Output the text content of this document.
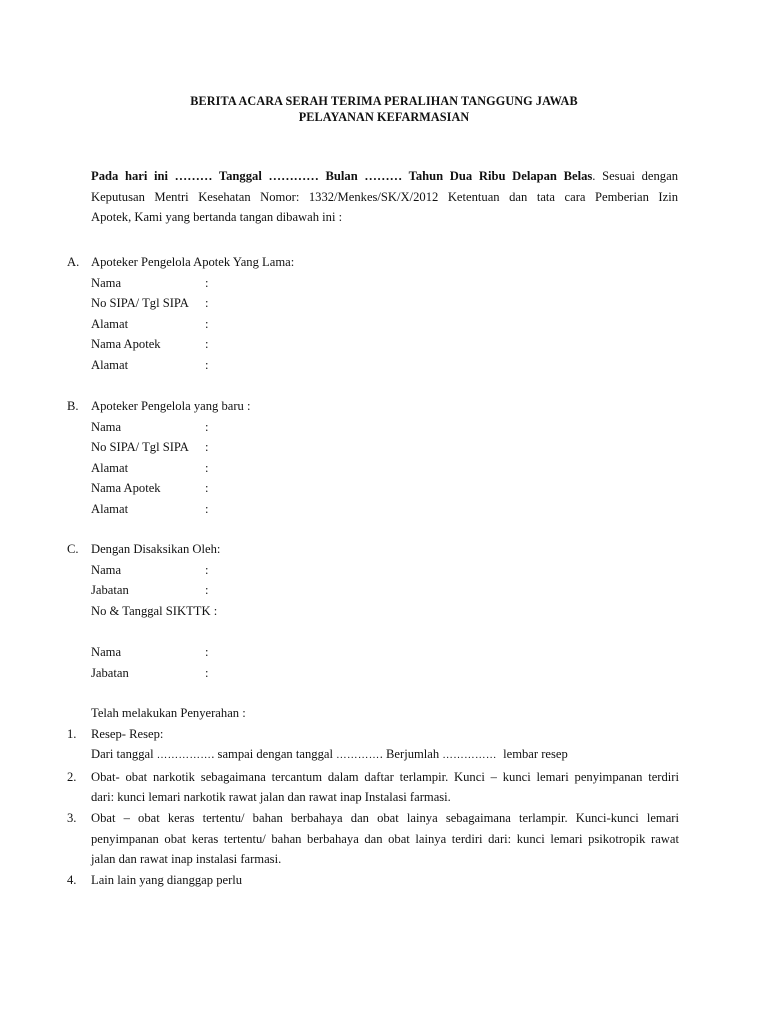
BERITA ACARA SERAH TERIMA PERALIHAN TANGGUNG JAWAB
PELAYANAN KEFARMASIAN
Pada hari ini ……… Tanggal ………… Bulan ……… Tahun Dua Ribu Delapan Belas. Sesuai dengan
Keputusan Mentri Kesehatan Nomor: 1332/Menkes/SK/X/2012 Ketentuan dan tata cara Pemberian Izin
Apotek, Kami yang bertanda tangan dibawah ini :
A. Apoteker Pengelola Apotek Yang Lama:
Nama	:
No SIPA/ Tgl SIPA :
Alamat	:
Nama Apotek	:
Alamat	:
B. Apoteker Pengelola yang baru :
Nama	:
No SIPA/ Tgl SIPA :
Alamat	:
Nama Apotek	:
Alamat	:
C. Dengan Disaksikan Oleh:
Nama	:
Jabatan	:
No & Tanggal SIKTTK :
Nama	:
Jabatan	:
Telah melakukan Penyerahan :
1. Resep- Resep:
Dari tanggal ……………. sampai dengan tanggal …………. Berjumlah ……………  lembar resep
2. Obat- obat narkotik sebagaimana tercantum dalam daftar terlampir. Kunci – kunci lemari penyimpanan terdiri
dari: kunci lemari narkotik rawat jalan dan rawat inap Instalasi farmasi.
3. Obat – obat keras tertentu/ bahan berbahaya dan obat lainya sebagaimana terlampir. Kunci-kunci lemari
penyimpanan obat keras tertentu/ bahan berbahaya dan obat lainya terdiri dari: kunci lemari psikotropik rawat
jalan dan rawat inap instalasi farmasi.
4. Lain lain yang dianggap perlu
